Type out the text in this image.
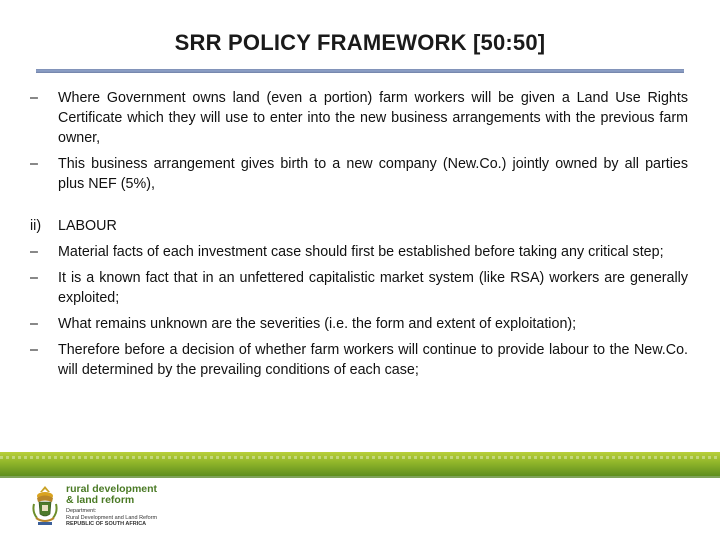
SRR POLICY FRAMEWORK [50:50]
–	Where Government owns land (even a portion) farm workers will be given a Land Use Rights Certificate which they will use to enter into the new business arrangements with the previous farm owner,
–	This business arrangement gives birth to a new company (New.Co.) jointly owned by all parties plus NEF (5%),
ii) LABOUR
–	Material facts of each investment case should first be established before taking any critical step;
–	It is a known fact that in an unfettered capitalistic market system (like RSA) workers are generally exploited;
–	What remains unknown are the severities (i.e. the form and extent of exploitation);
–	Therefore before a decision of whether farm workers will continue to provide labour to the New.Co. will determined by the prevailing conditions of each case;
rural development
& land reform
Department:
Rural Development and Land Reform
REPUBLIC OF SOUTH AFRICA
